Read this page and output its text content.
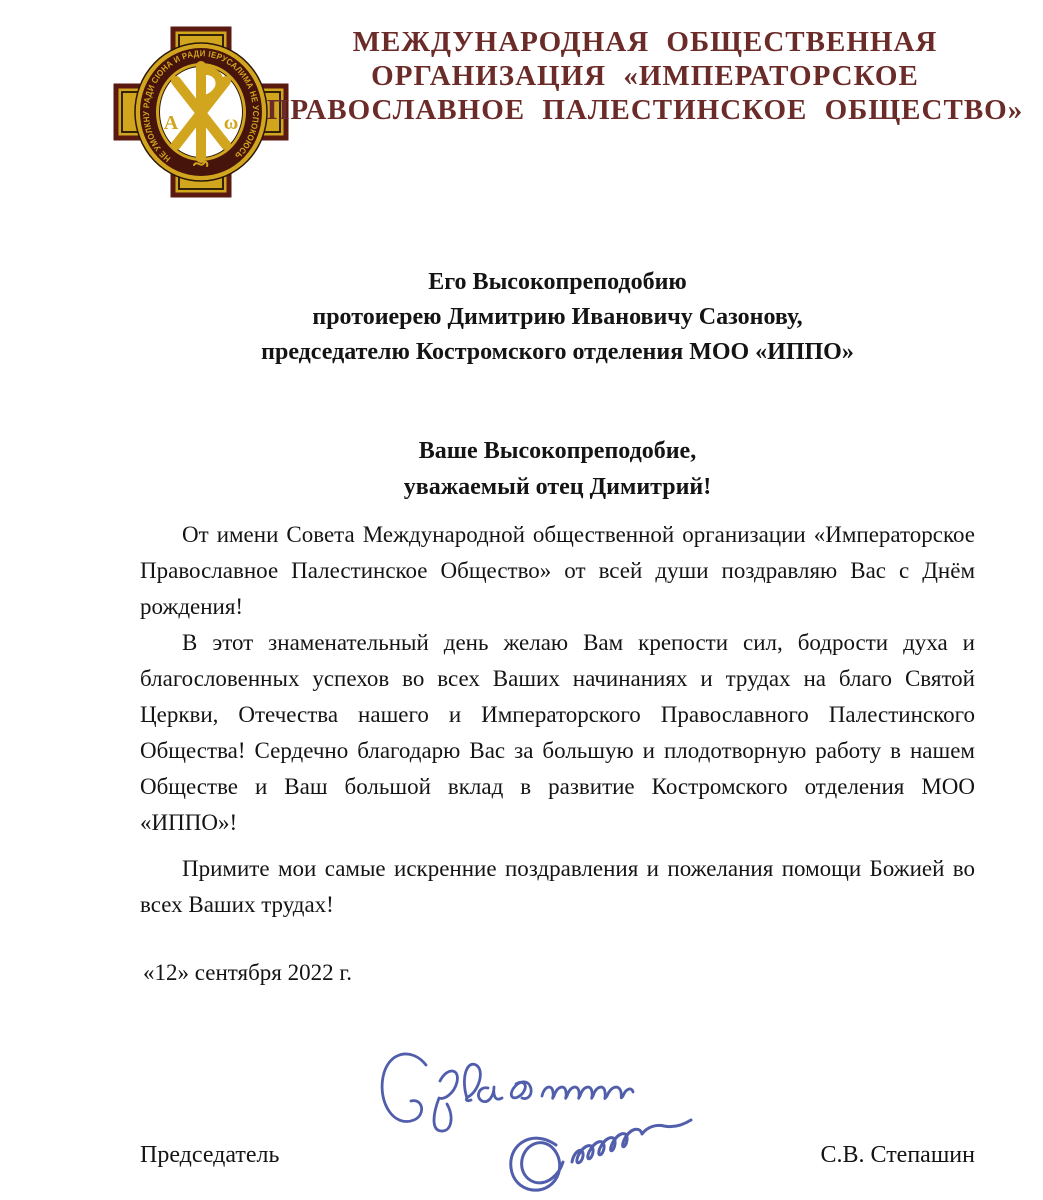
НЕ УМОЛКНУ РАДИ СІОНА И РАДИ ІЕРУСАЛИМА НЕ УСПОКОЮСЬ
Α ω
МЕЖДУНАРОДНАЯ ОБЩЕСТВЕННАЯ
ОРГАНИЗАЦИЯ «ИМПЕРАТОРСКОЕ
ПРАВОСЛАВНОЕ ПАЛЕСТИНСКОЕ ОБЩЕСТВО»
Его Высокопреподобию
протоиерею Димитрию Ивановичу Сазонову,
председателю Костромского отделения МОО «ИППО»
Ваше Высокопреподобие,
уважаемый отец Димитрий!

От имени Совета Международной общественной организации «Императорское Православное Палестинское Общество» от всей души поздравляю Вас с Днём рождения!

В этот знаменательный день желаю Вам крепости сил, бодрости духа и благословенных успехов во всех Ваших начинаниях и трудах на благо Святой Церкви, Отечества нашего и Императорского Православного Палестинского Общества! Сердечно благодарю Вас за большую и плодотворную работу в нашем Обществе и Ваш большой вклад в развитие Костромского отделения МОО «ИППО»!

Примите мои самые искренние поздравления и пожелания помощи Божией во всех Ваших трудах!

«12» сентября 2022 г.
Председатель	С.В. Степашин
